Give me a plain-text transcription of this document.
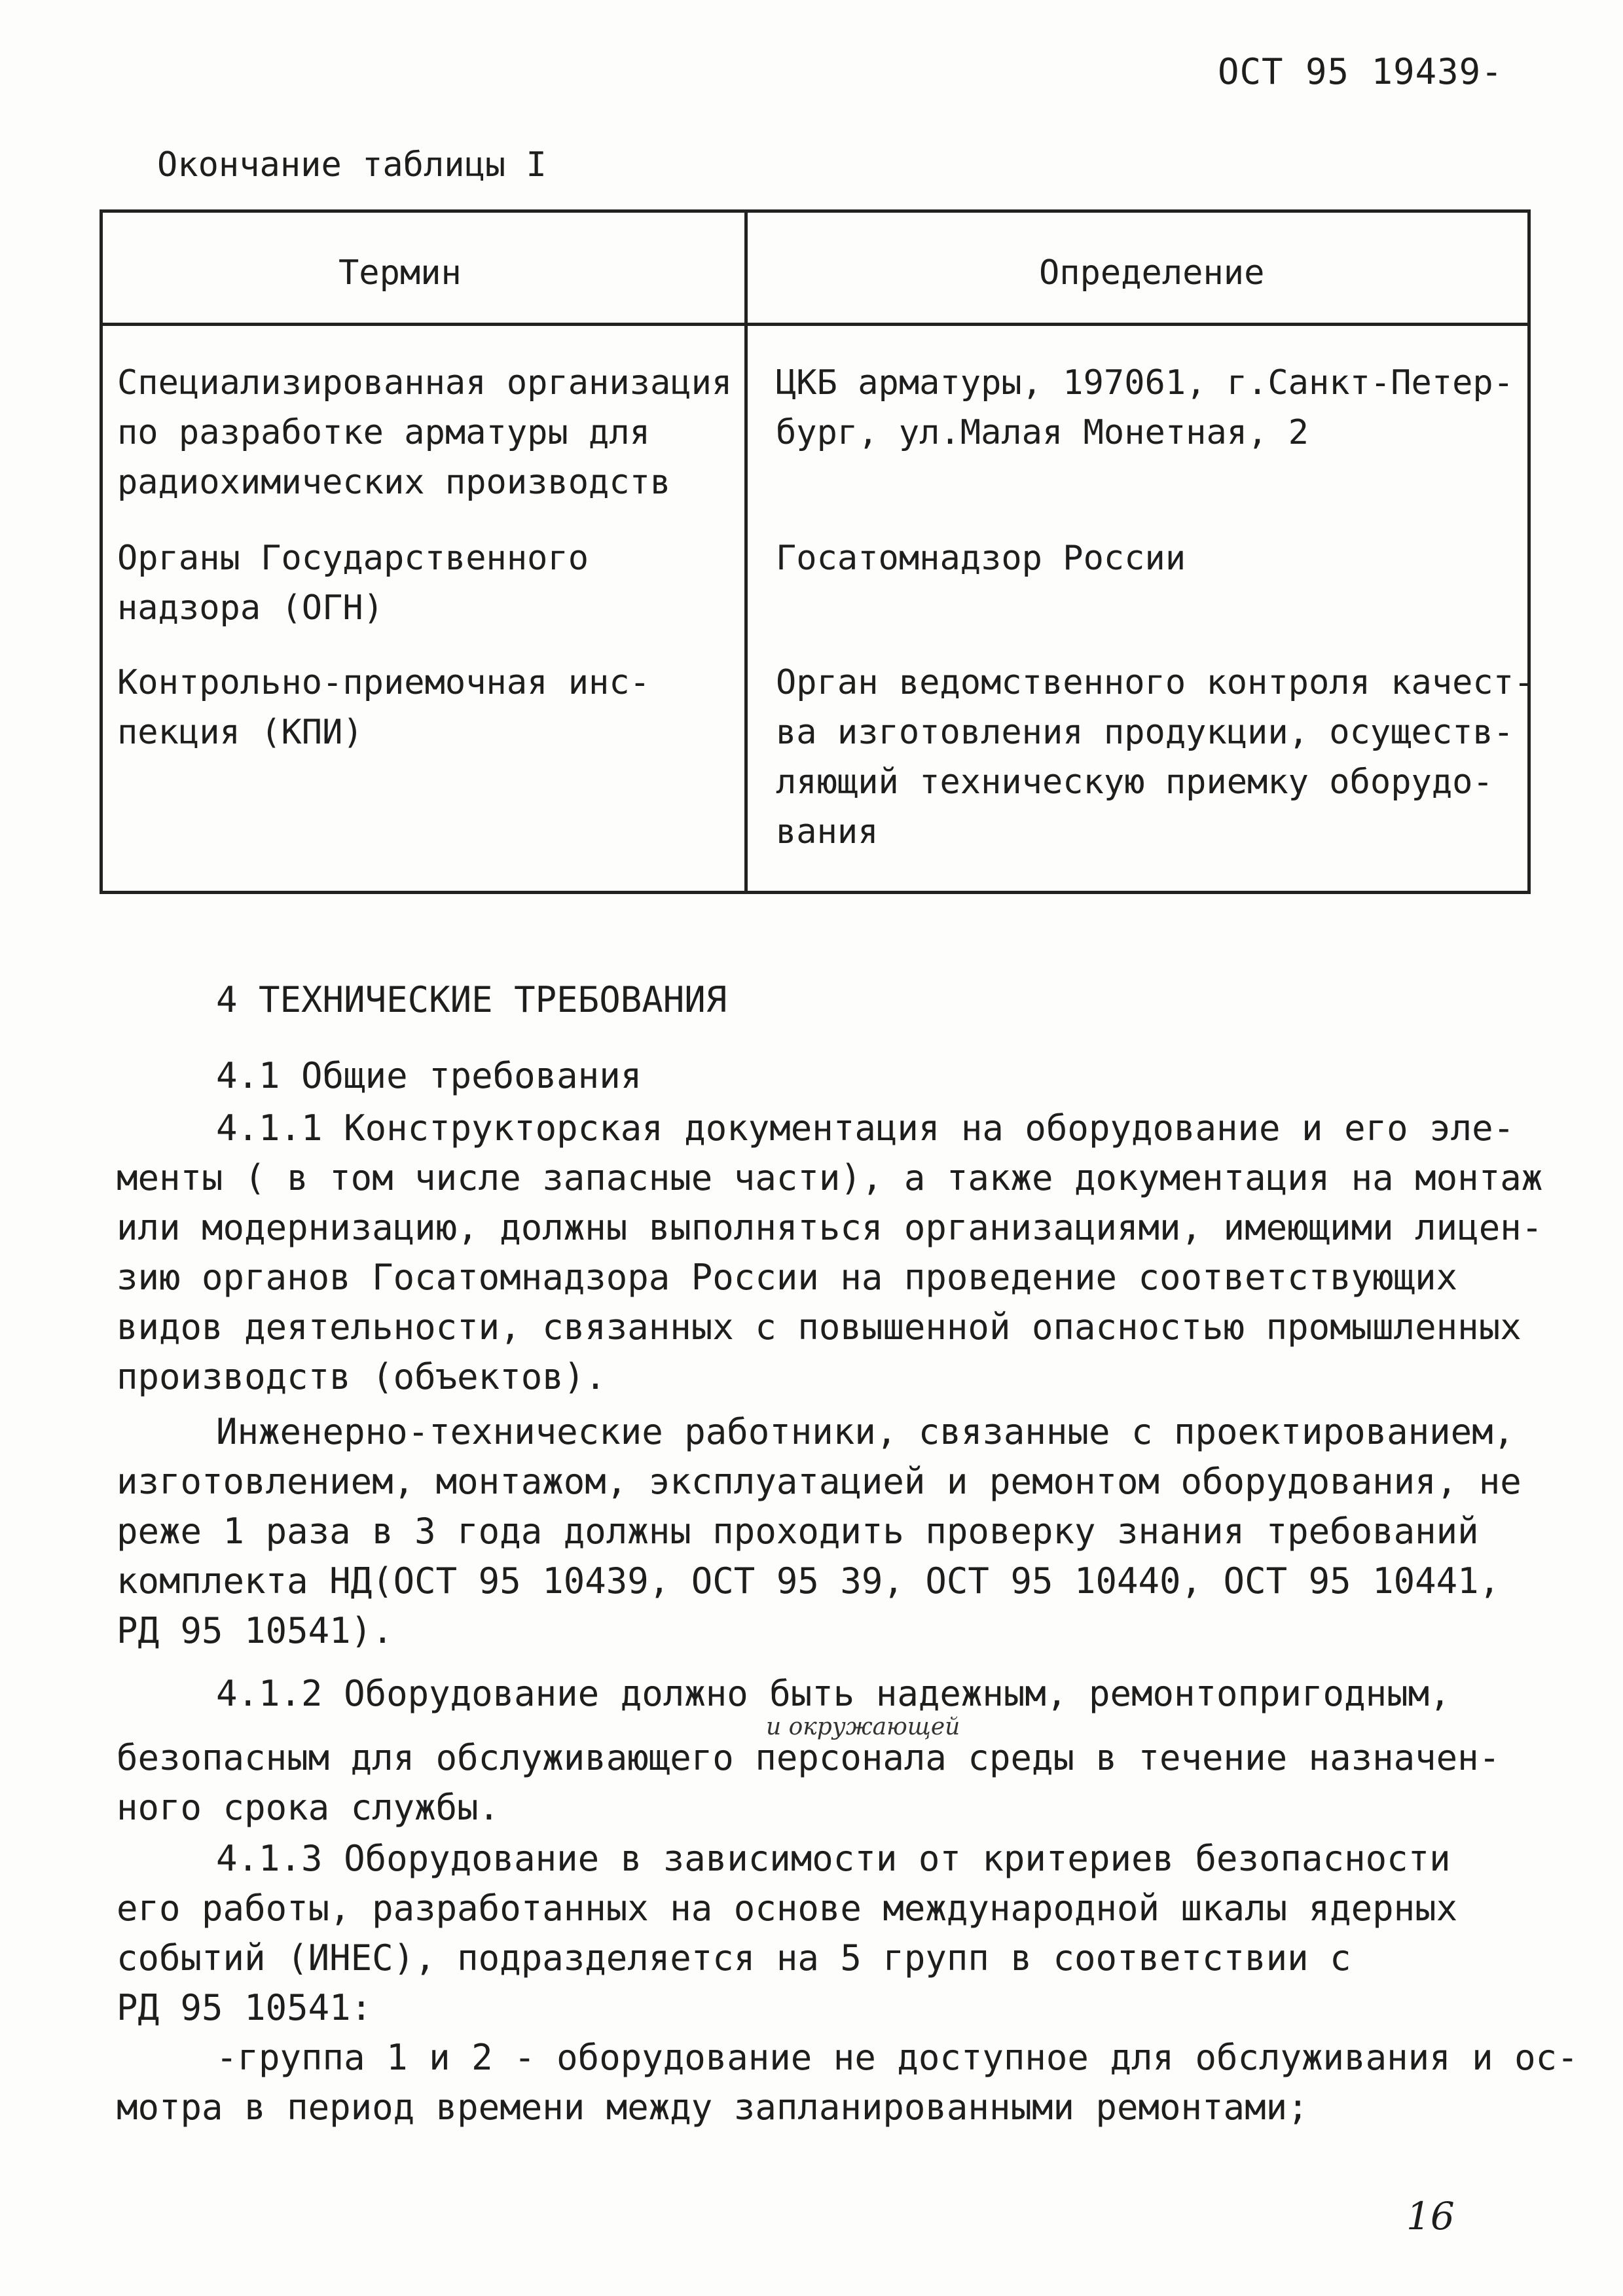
ОСТ 95 19439-
Окончание таблицы I
Термин	Определение
Специализированная организация
по разработке арматуры для
радиохимических производств
ЦКБ арматуры, 197061, г.Санкт-Петер-
бург, ул.Малая Монетная, 2
Органы Государственного
надзора (ОГН)
Госатомнадзор России
Контрольно-приемочная инс-
пекция (КПИ)
Орган ведомственного контроля качест-
ва изготовления продукции, осуществ-
ляющий техническую приемку оборудо-
вания
4 ТЕХНИЧЕСКИЕ ТРЕБОВАНИЯ
4.1 Общие требования
4.1.1 Конструкторская документация на оборудование и его эле-
менты ( в том числе запасные части), а также документация на монтаж
или модернизацию, должны выполняться организациями, имеющими лицен-
зию органов Госатомнадзора России на проведение соответствующих
видов деятельности, связанных с повышенной опасностью промышленных
производств (объектов).
Инженерно-технические работники, связанные с проектированием,
изготовлением, монтажом, эксплуатацией и ремонтом оборудования, не
реже 1 раза в 3 года должны проходить проверку знания требований
комплекта НД(ОСТ 95 10439, ОСТ 95 39, ОСТ 95 10440, ОСТ 95 10441,
РД 95 10541).
4.1.2 Оборудование должно быть надежным, ремонтопригодным,
и окружающей
безопасным для обслуживающего персонала среды в течение назначен-
ного срока службы.
4.1.3 Оборудование в зависимости от критериев безопасности
его работы, разработанных на основе международной шкалы ядерных
событий (ИНЕС), подразделяется на 5 групп в соответствии с
РД 95 10541:
-группа 1 и 2 - оборудование не доступное для обслуживания и ос-
мотра в период времени между запланированными ремонтами;
16
